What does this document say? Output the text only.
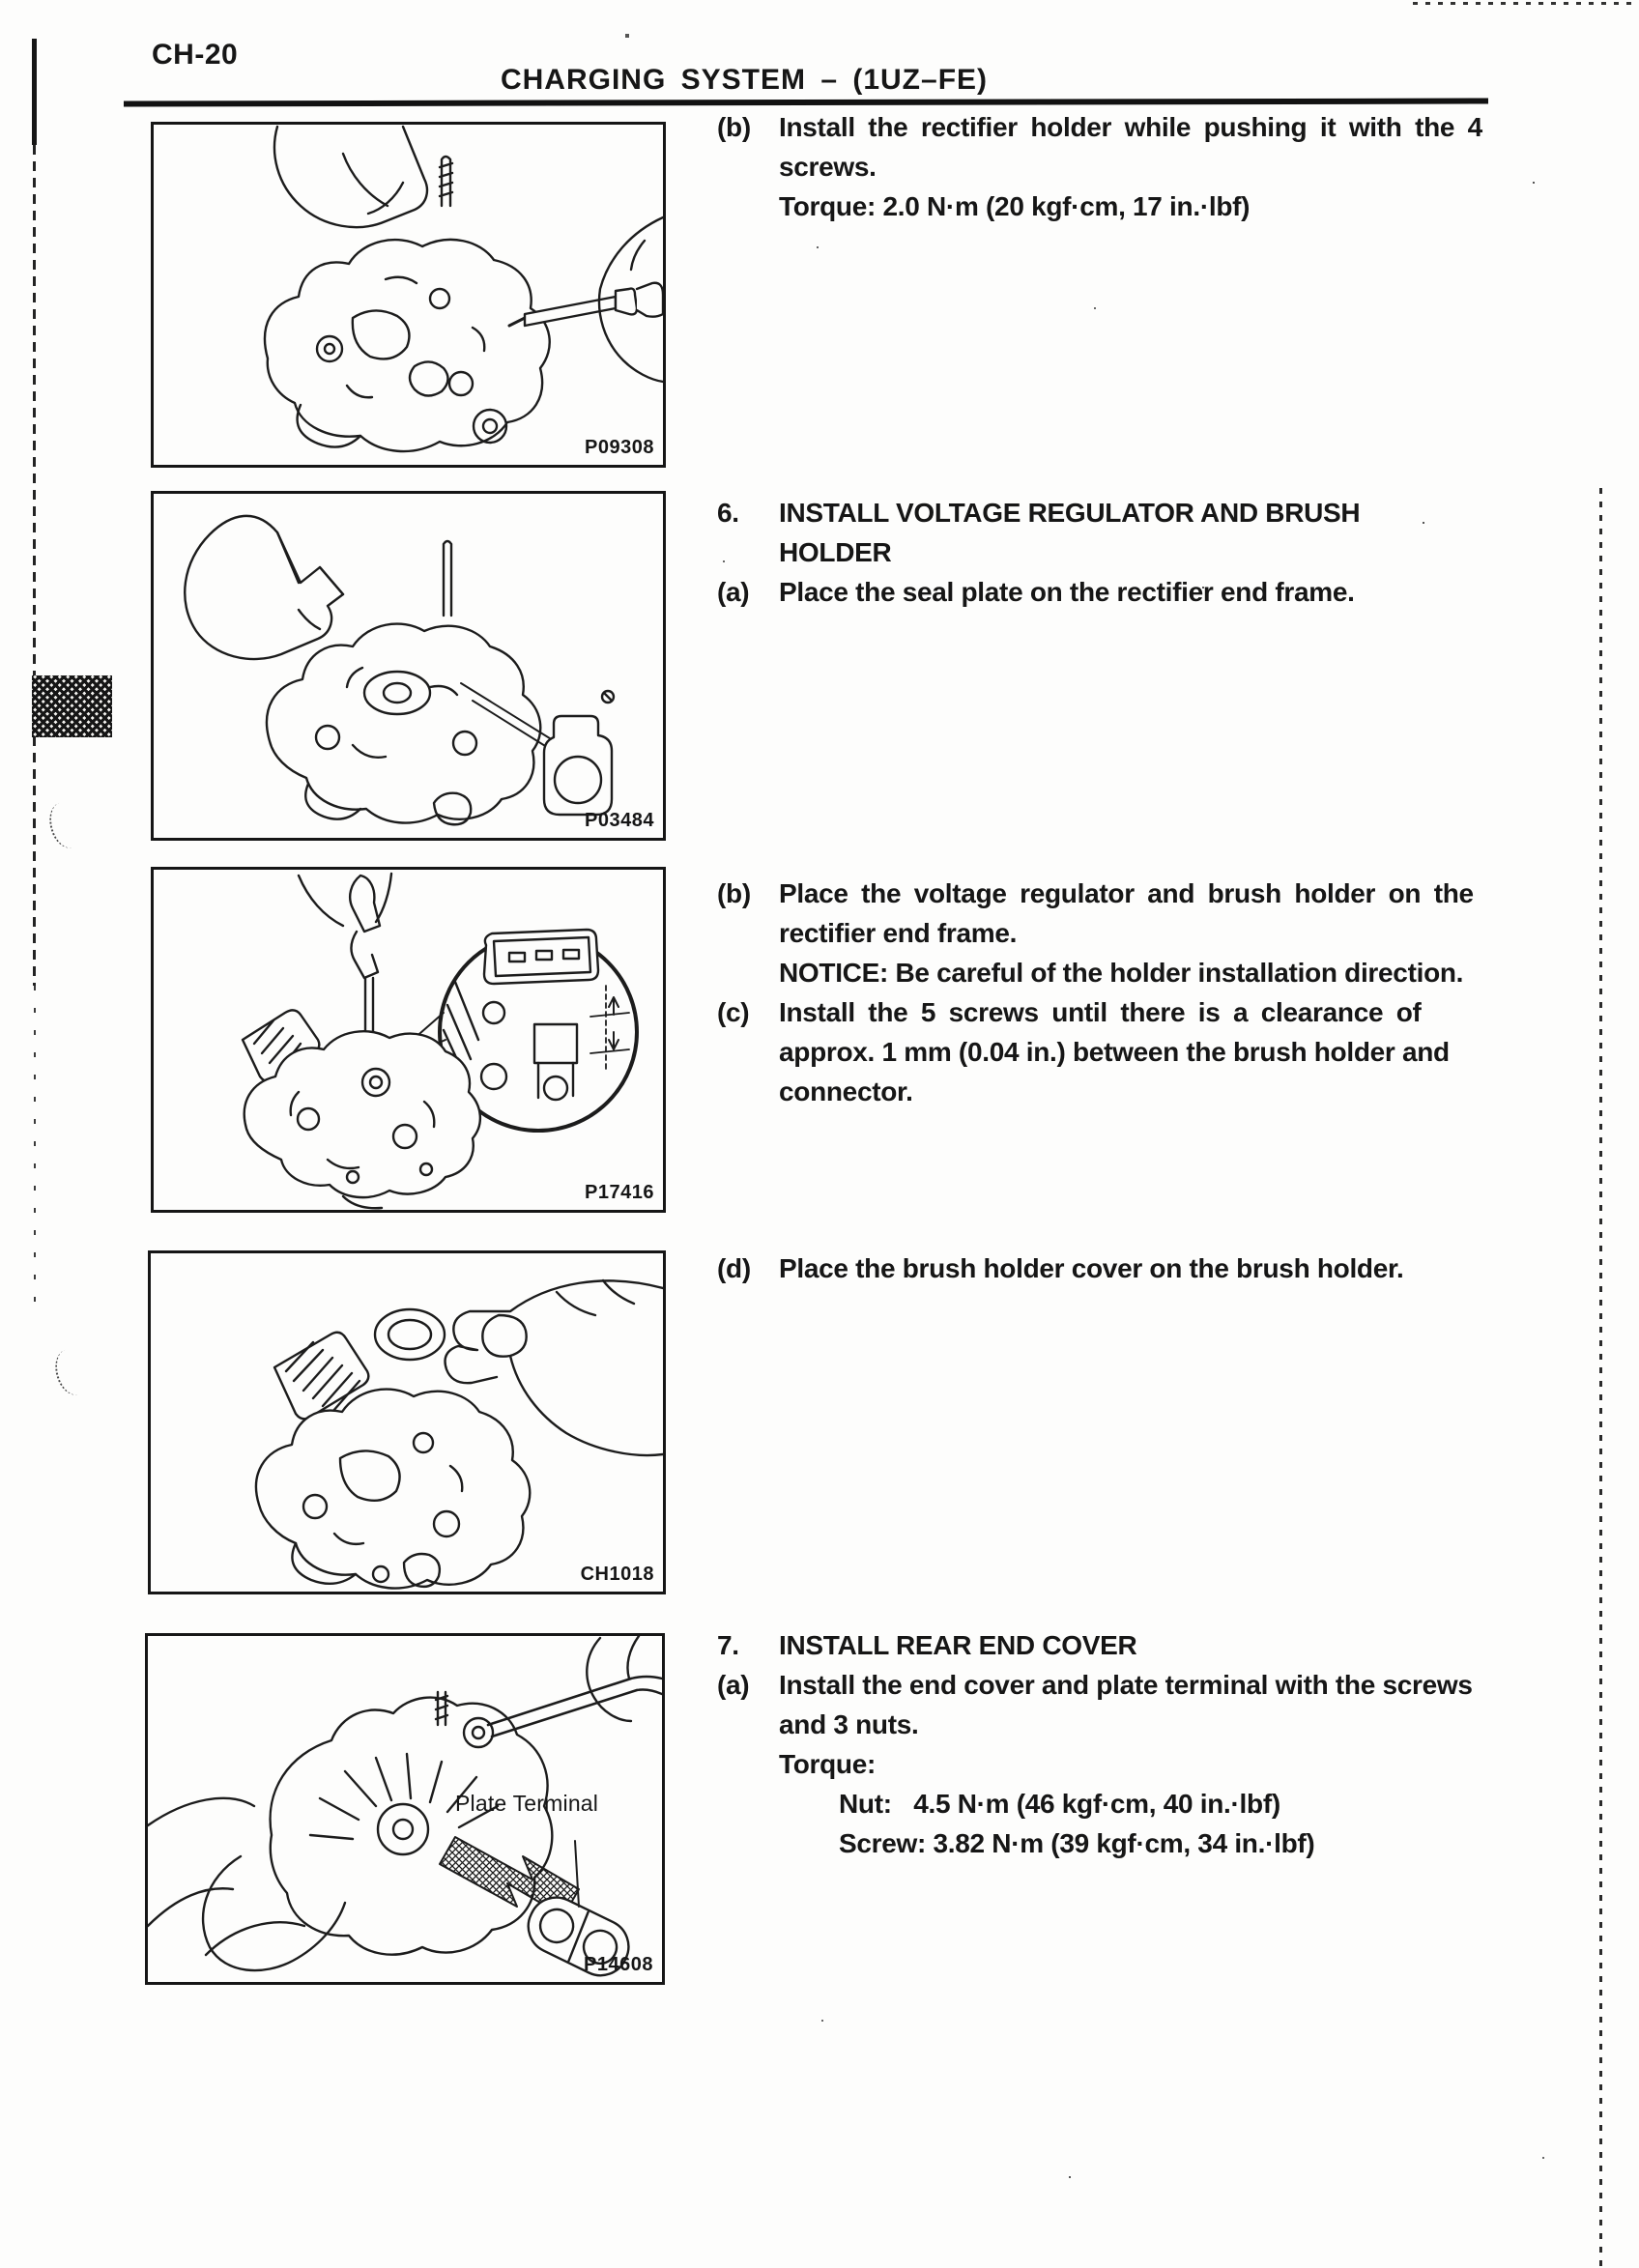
CH-20
CHARGING SYSTEM – (1UZ–FE)
P09308
P03484
P17416
CH1018
Plate Terminal
P14608
(b)	Install the rectifier holder while pushing it with the 4
screws.
Torque: 2.0 N·m (20 kgf·cm, 17 in.·lbf)
6.	INSTALL VOLTAGE REGULATOR AND BRUSH
HOLDER
(a)	Place the seal plate on the rectifier end frame.
(b)	Place the voltage regulator and brush holder on the
rectifier end frame.
NOTICE: Be careful of the holder installation direction.
(c)	Install the 5 screws until there is a clearance of
approx. 1 mm (0.04 in.) between the brush holder and
connector.
(d)	Place the brush holder cover on the brush holder.
7.	INSTALL REAR END COVER
(a)	Install the end cover and plate terminal with the screws
and 3 nuts.
Torque:
Nut:   4.5 N·m (46 kgf·cm, 40 in.·lbf)
Screw: 3.82 N·m (39 kgf·cm, 34 in.·lbf)
